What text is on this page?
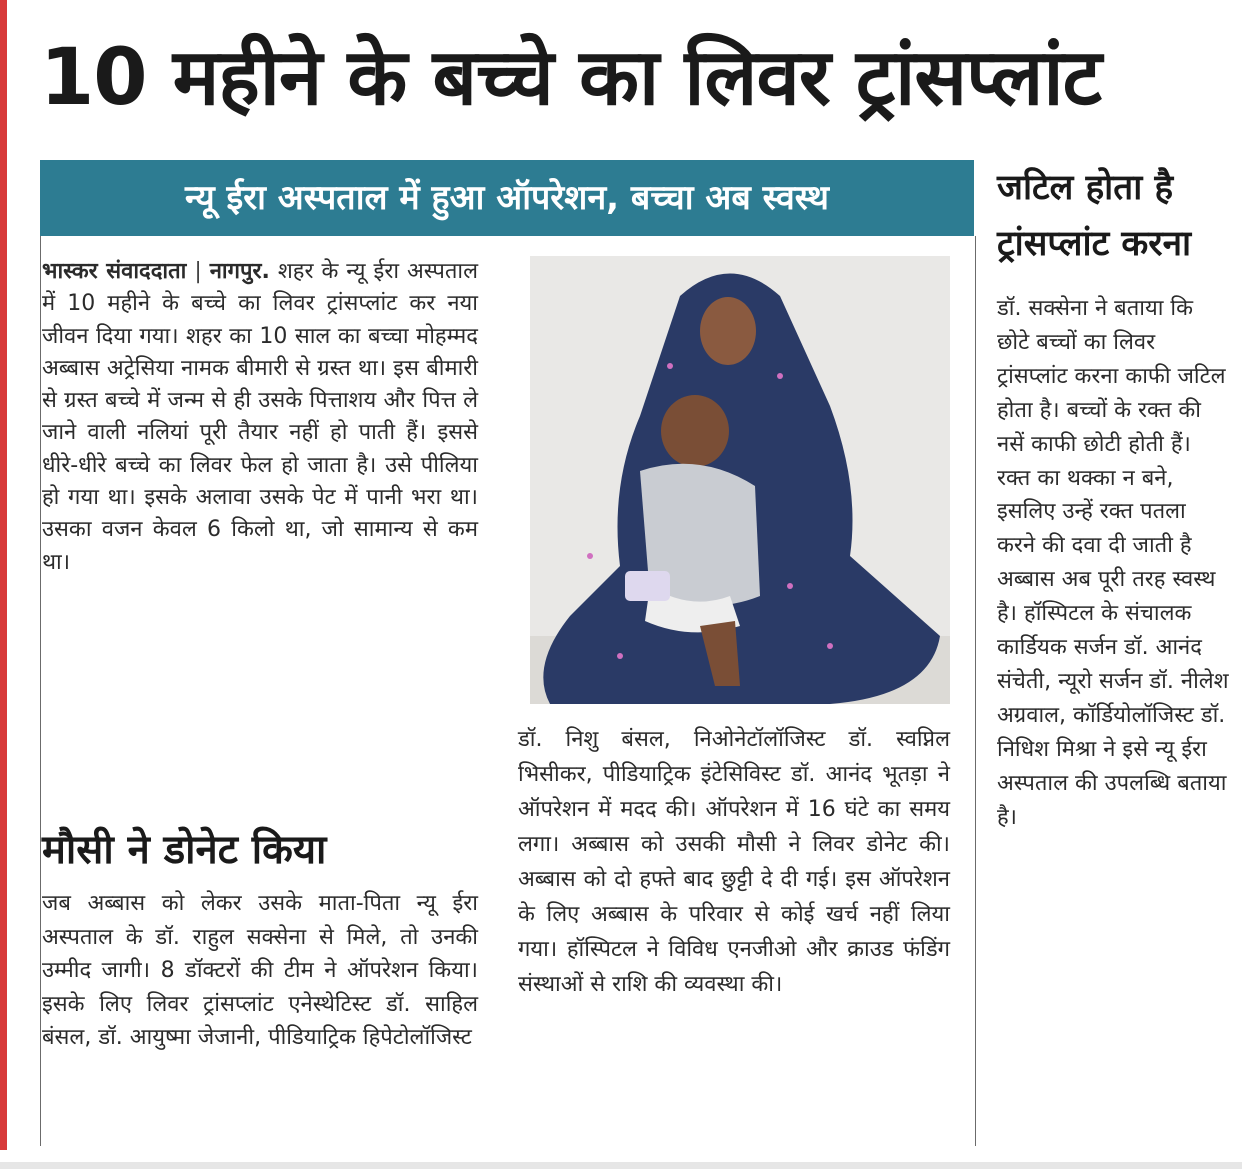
10 महीने के बच्चे का लिवर ट्रांसप्लांट
न्यू ईरा अस्पताल में हुआ ऑपरेशन, बच्चा अब स्वस्थ
भास्कर संवाददाता | नागपुर. शहर के न्यू ईरा अस्पताल में 10 महीने के बच्चे का लिवर ट्रांसप्लांट कर नया जीवन दिया गया। शहर का 10 साल का बच्चा मोहम्मद अब्बास अट्रेसिया नामक बीमारी से ग्रस्त था। इस बीमारी से ग्रस्त बच्चे में जन्म से ही उसके पित्ताशय और पित्त ले जाने वाली नलियां पूरी तैयार नहीं हो पाती हैं। इससे धीरे-धीरे बच्चे का लिवर फेल हो जाता है। उसे पीलिया हो गया था। इसके अलावा उसके पेट में पानी भरा था। उसका वजन केवल 6 किलो था, जो सामान्य से कम था।
मौसी ने डोनेट किया
जब अब्बास को लेकर उसके माता-पिता न्यू ईरा अस्पताल के डॉ. राहुल सक्सेना से मिले, तो उनकी उम्मीद जागी। 8 डॉक्टरों की टीम ने ऑपरेशन किया। इसके लिए लिवर ट्रांसप्लांट एनेस्थेटिस्ट डॉ. साहिल बंसल, डॉ. आयुष्मा जेजानी, पीडियाट्रिक हिपेटोलॉजिस्ट
डॉ. निशु बंसल, निओनेटॉलॉजिस्ट डॉ. स्वप्निल भिसीकर, पीडियाट्रिक इंटेसिविस्ट डॉ. आनंद भूतड़ा ने ऑपरेशन में मदद की। ऑपरेशन में 16 घंटे का समय लगा। अब्बास को उसकी मौसी ने लिवर डोनेट की। अब्बास को दो हफ्ते बाद छुट्टी दे दी गई। इस ऑपरेशन के लिए अब्बास के परिवार से कोई खर्च नहीं लिया गया। हॉस्पिटल ने विविध एनजीओ और क्राउड फंडिंग संस्थाओं से राशि की व्यवस्था की।
जटिल होता है ट्रांसप्लांट करना
डॉ. सक्सेना ने बताया कि छोटे बच्चों का लिवर ट्रांसप्लांट करना काफी जटिल होता है। बच्चों के रक्त की नसें काफी छोटी होती हैं। रक्त का थक्का न बने, इसलिए उन्हें रक्त पतला करने की दवा दी जाती है अब्बास अब पूरी तरह स्वस्थ है। हॉस्पिटल के संचालक कार्डियक सर्जन डॉ. आनंद संचेती, न्यूरो सर्जन डॉ. नीलेश अग्रवाल, कॉर्डियोलॉजिस्ट डॉ. निधिश मिश्रा ने इसे न्यू ईरा अस्पताल की उपलब्धि बताया है।
